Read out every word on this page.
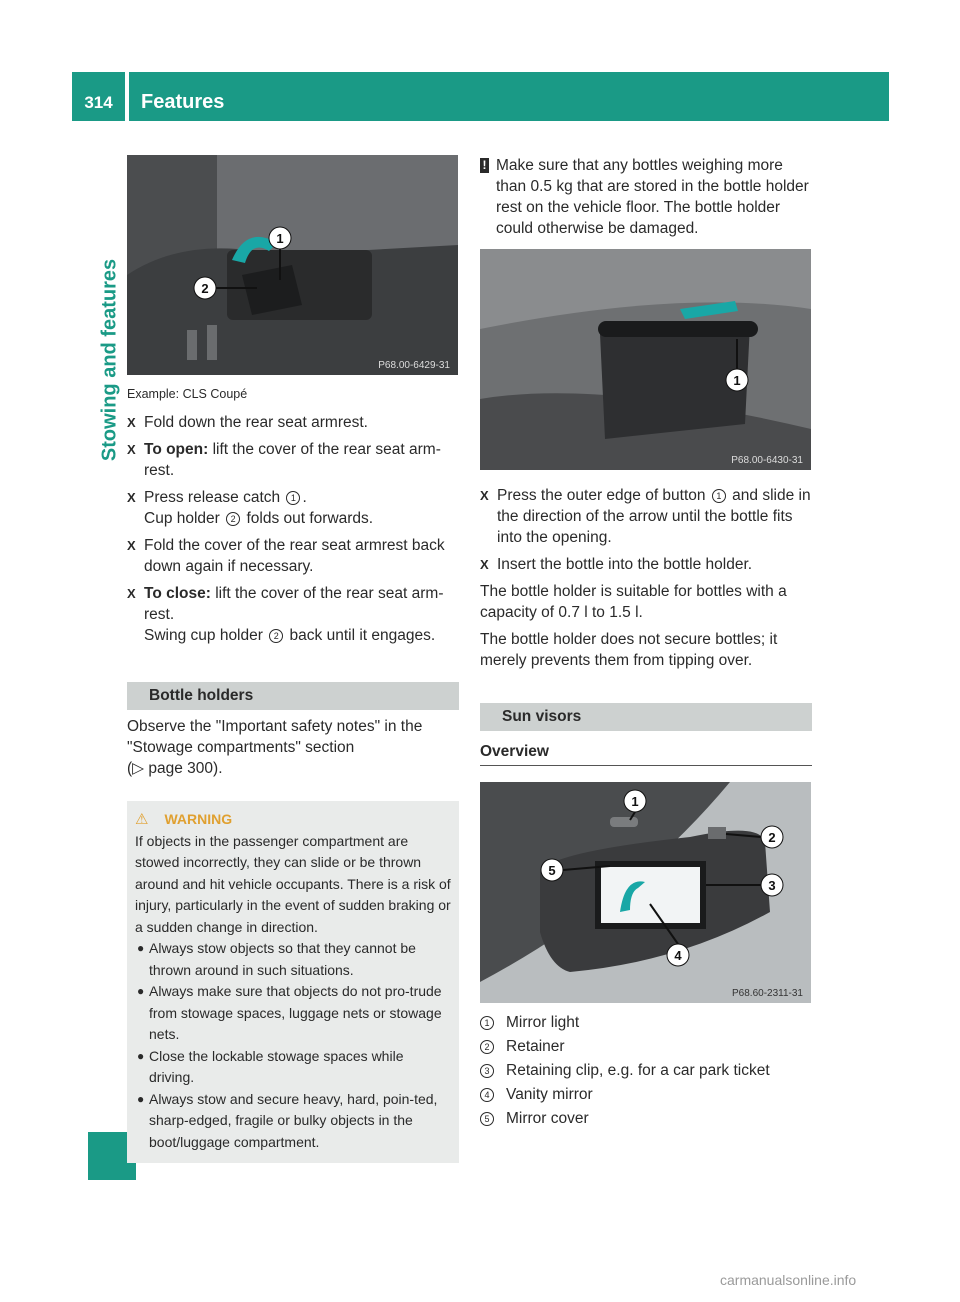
314	Features
Stowing and features
1
2
P68.00-6429-31

Example: CLS Coupé

X Fold down the rear seat armrest.

X To open: lift the cover of the rear seat arm-rest.

X Press release catch 1 .
Cup holder 2 folds out forwards.

X Fold the cover of the rear seat armrest back down again if necessary.

X To close: lift the cover of the rear seat arm-rest.
Swing cup holder 2 back until it engages.

Bottle holders

Observe the "Important safety notes" in the "Stowage compartments" section

(▷ page 300).

⚠ WARNING

If objects in the passenger compartment are stowed incorrectly, they can slide or be thrown around and hit vehicle occupants. There is a risk of injury, particularly in the event of sudden braking or a sudden change in direction.

● Always stow objects so that they cannot be thrown around in such situations.

● Always make sure that objects do not pro-trude from stowage spaces, luggage nets or stowage nets.

● Close the lockable stowage spaces while driving.

● Always stow and secure heavy, hard, poin-ted, sharp-edged, fragile or bulky objects in the boot/luggage compartment.

! Make sure that any bottles weighing more than 0.5 kg that are stored in the bottle holder rest on the vehicle floor. The bottle holder could otherwise be damaged.

1
P68.00-6430-31

X Press the outer edge of button 1 and slide in the direction of the arrow until the bottle fits into the opening.

X Insert the bottle into the bottle holder.

The bottle holder is suitable for bottles with a capacity of 0.7 l to 1.5 l.

The bottle holder does not secure bottles; it merely prevents them from tipping over.

Sun visors

Overview

1
2
3
4
5
P68.60-2311-31

1 Mirror light

2 Retainer

3 Retaining clip, e.g. for a car park ticket

4 Vanity mirror

5 Mirror cover

carmanualsonline.info
